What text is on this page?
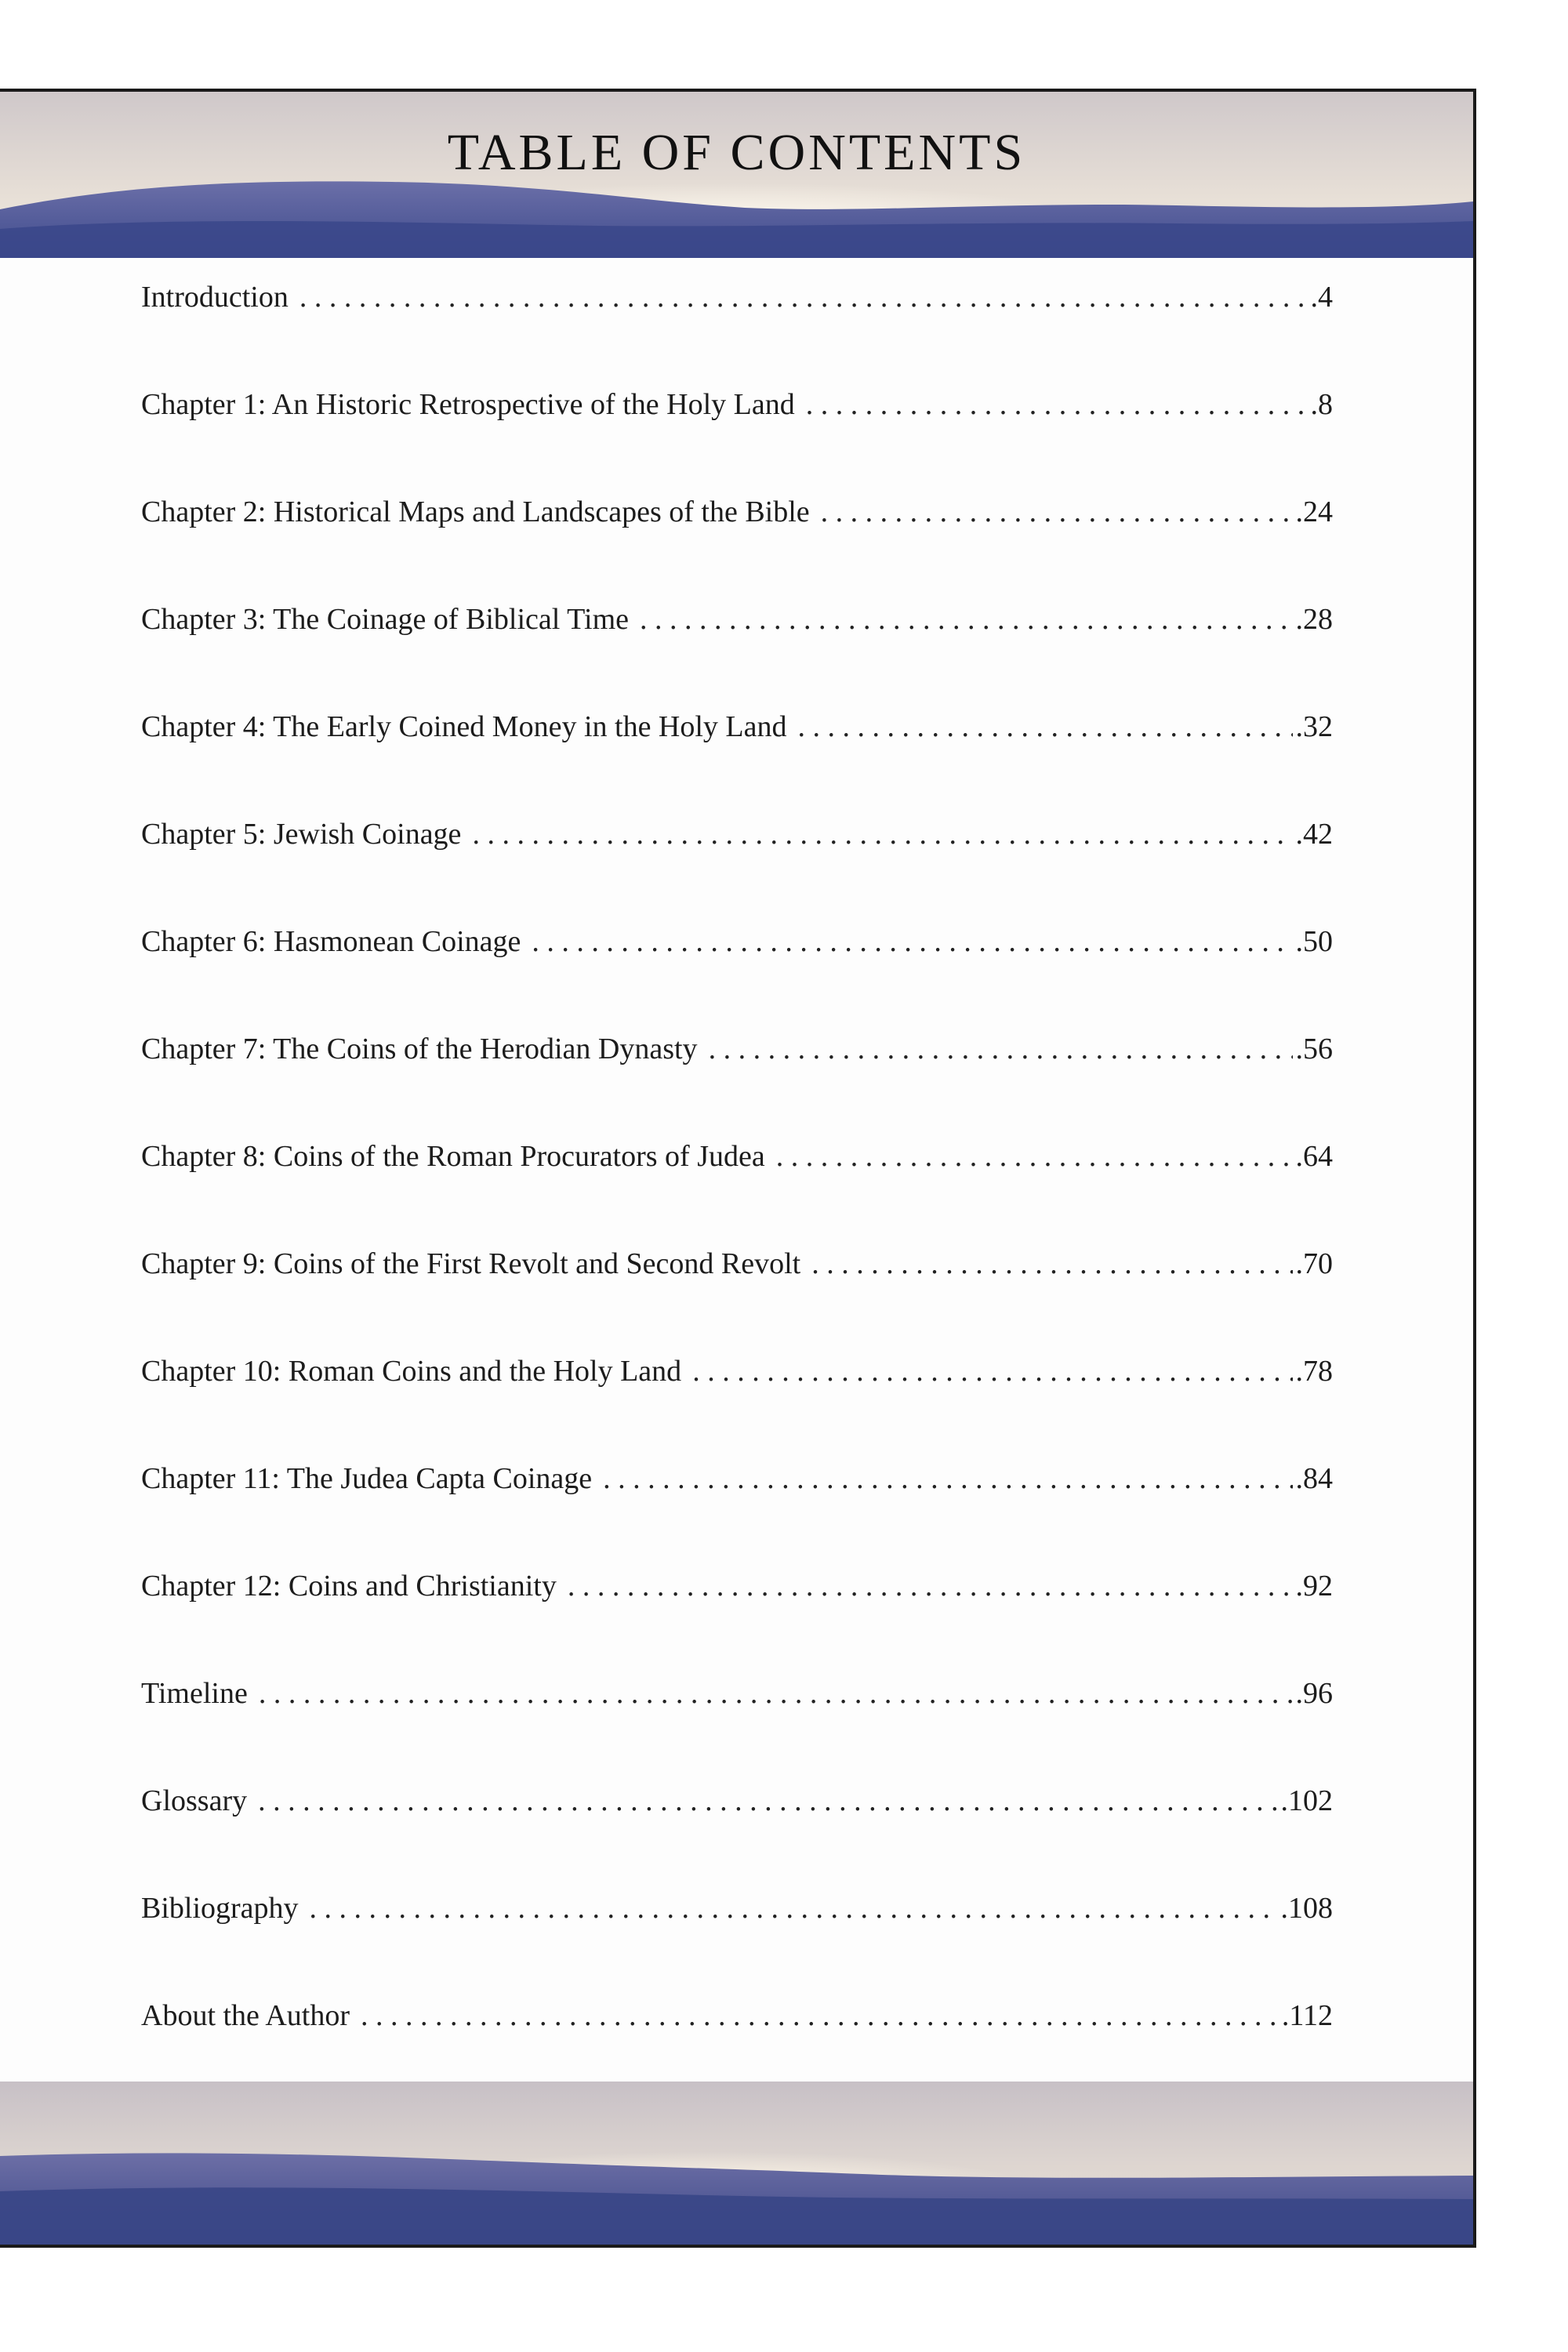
TABLE OF CONTENTS
Introduction . . .	.4
Chapter 1: An Historic Retrospective of the Holy Land . . .	.8
Chapter 2: Historical Maps and Landscapes of the Bible . . .	.24
Chapter 3: The Coinage of Biblical Time . . .	.28
Chapter 4: The Early Coined Money in the Holy Land . . .	.32
Chapter 5: Jewish Coinage . . .	.42
Chapter 6: Hasmonean Coinage . . .	.50
Chapter 7: The Coins of the Herodian Dynasty . . .	.56
Chapter 8: Coins of the Roman Procurators of Judea . . .	.64
Chapter 9: Coins of the First Revolt and Second Revolt . . .	.70
Chapter 10: Roman Coins and the Holy Land . . .	.78
Chapter 11: The Judea Capta Coinage . . .	.84
Chapter 12: Coins and Christianity . . .	.92
Timeline . . .	.96
Glossary . . .	.102
Bibliography . . .	.108
About the Author . . .	.112
